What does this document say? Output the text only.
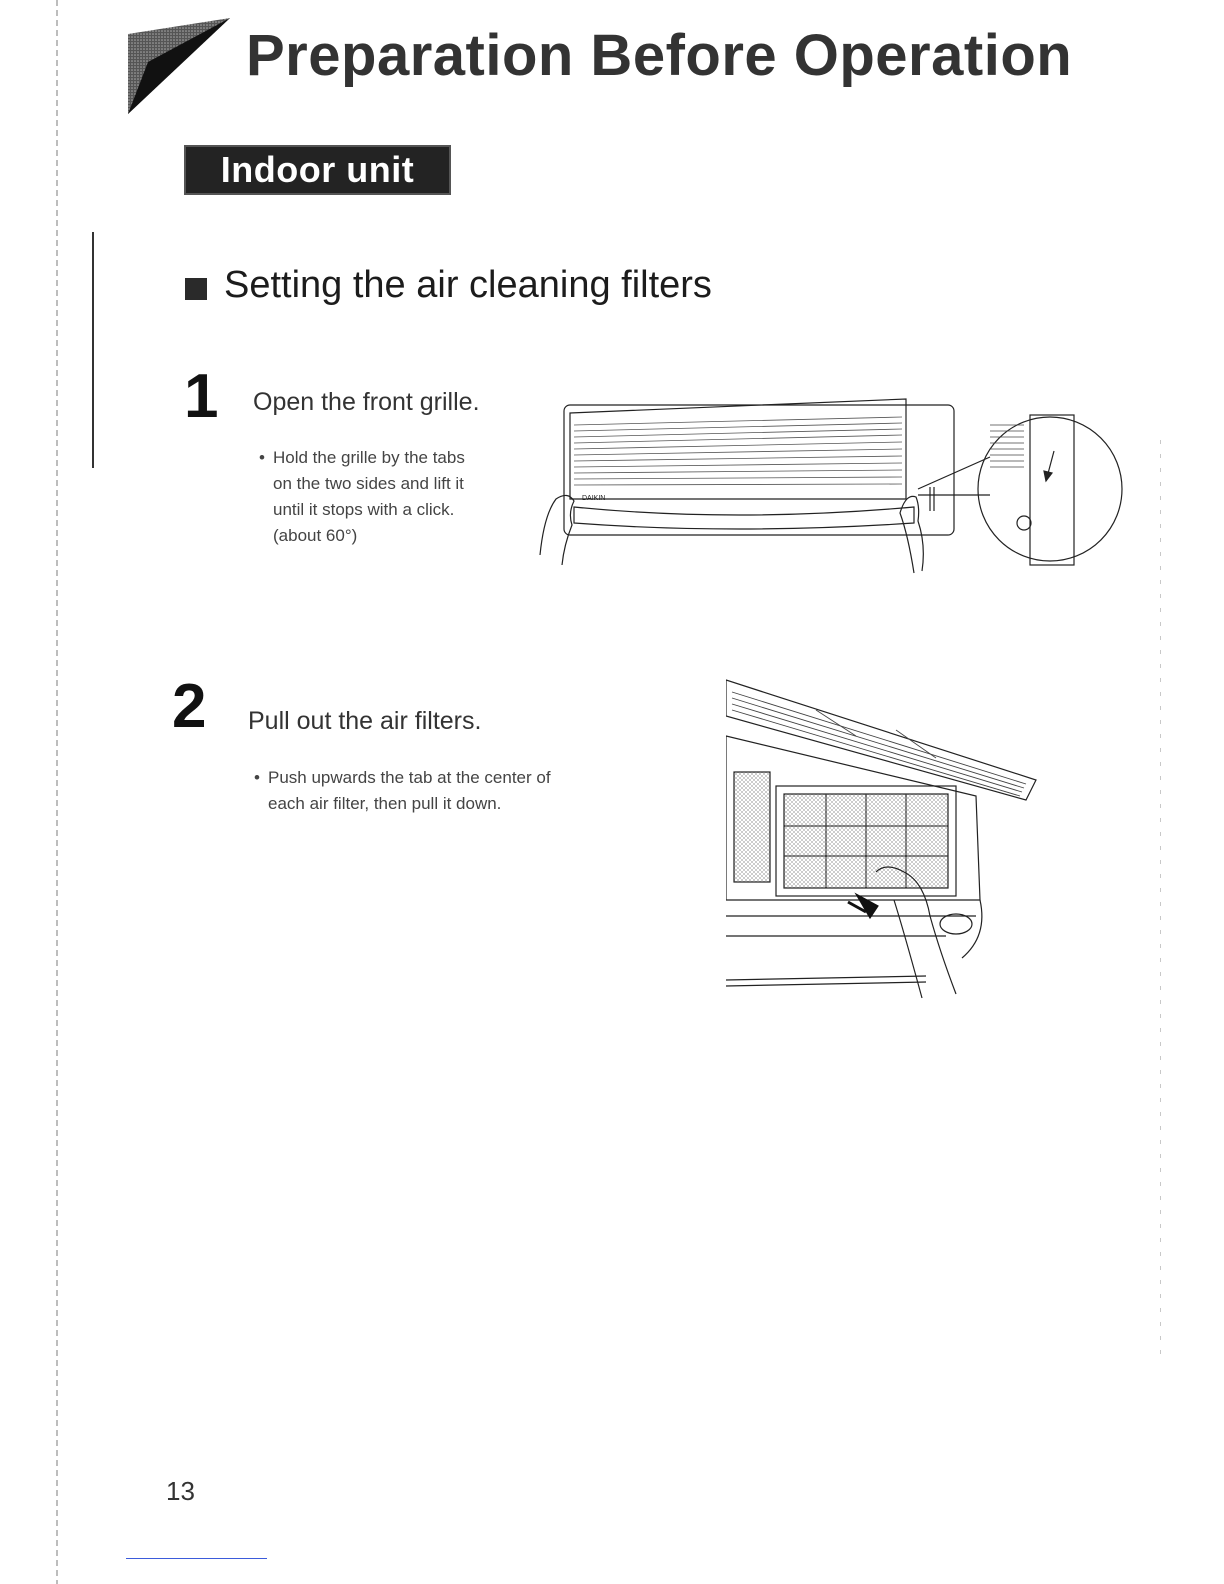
Preparation Before Operation
Indoor unit
Setting the air cleaning filters
1 Open the front grille.
• Hold the grille by the tabs
on the two sides and lift it
until it stops with a click.
(about 60°)
DAIKIN
2 Pull out the air filters.
• Push upwards the tab at the center of
each air filter, then pull it down.
13
